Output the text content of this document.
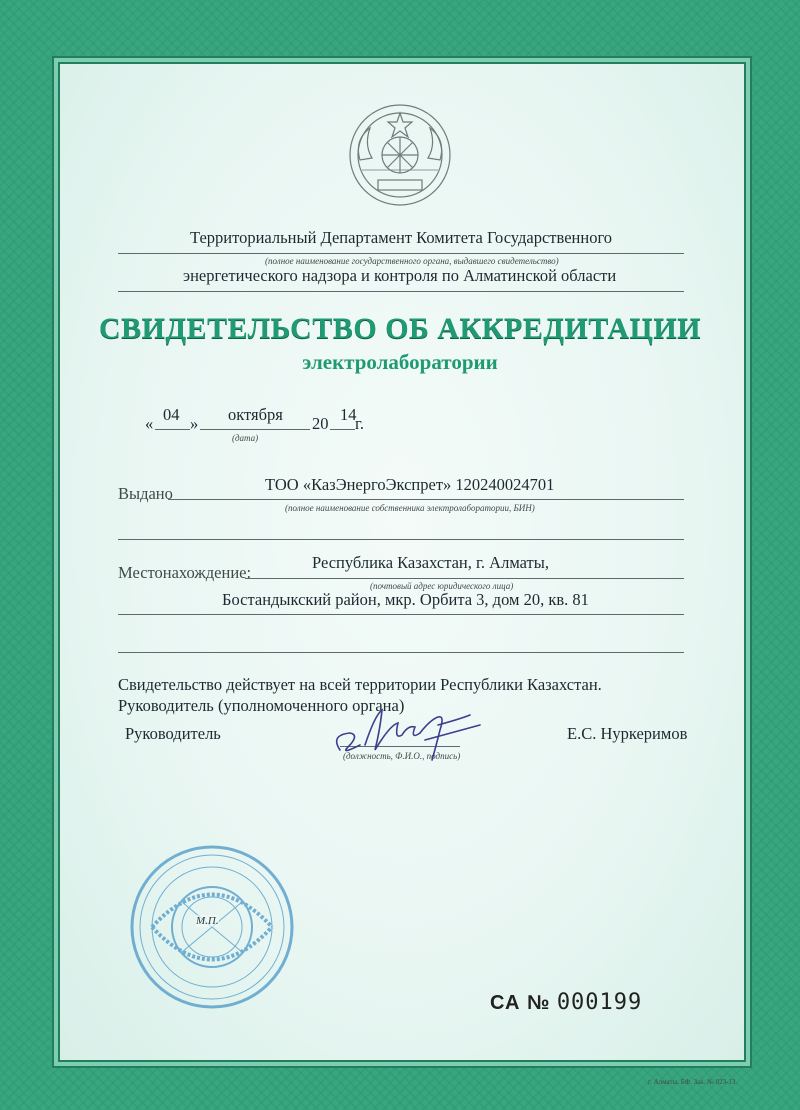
Территориальный Департамент Комитета Государственного
(полное наименование государственного органа, выдавшего свидетельство)
энергетического надзора и контроля по Алматинской области
СВИДЕТЕЛЬСТВО ОБ АККРЕДИТАЦИИ
электролаборатории
« 04 » октября
(дата)
20 14
г.
Выдано	ТОО «КазЭнергоЭкспрет» 120240024701
(полное наименование собственника электролаборатории, БИН)
Местонахождение:
Республика Казахстан, г. Алматы,
(почтовый адрес юридического лица)
Бостандыкский район, мкр. Орбита 3, дом 20, кв. 81
Свидетельство действует на всей территории Республики Казахстан.
Руководитель (уполномоченного органа)
Руководитель
(должность, Ф.И.О., подпись)
Е.С. Нуркеримов
М.П.
СА № 000199
г. Алматы. БФ. Зак. № 023-13.
